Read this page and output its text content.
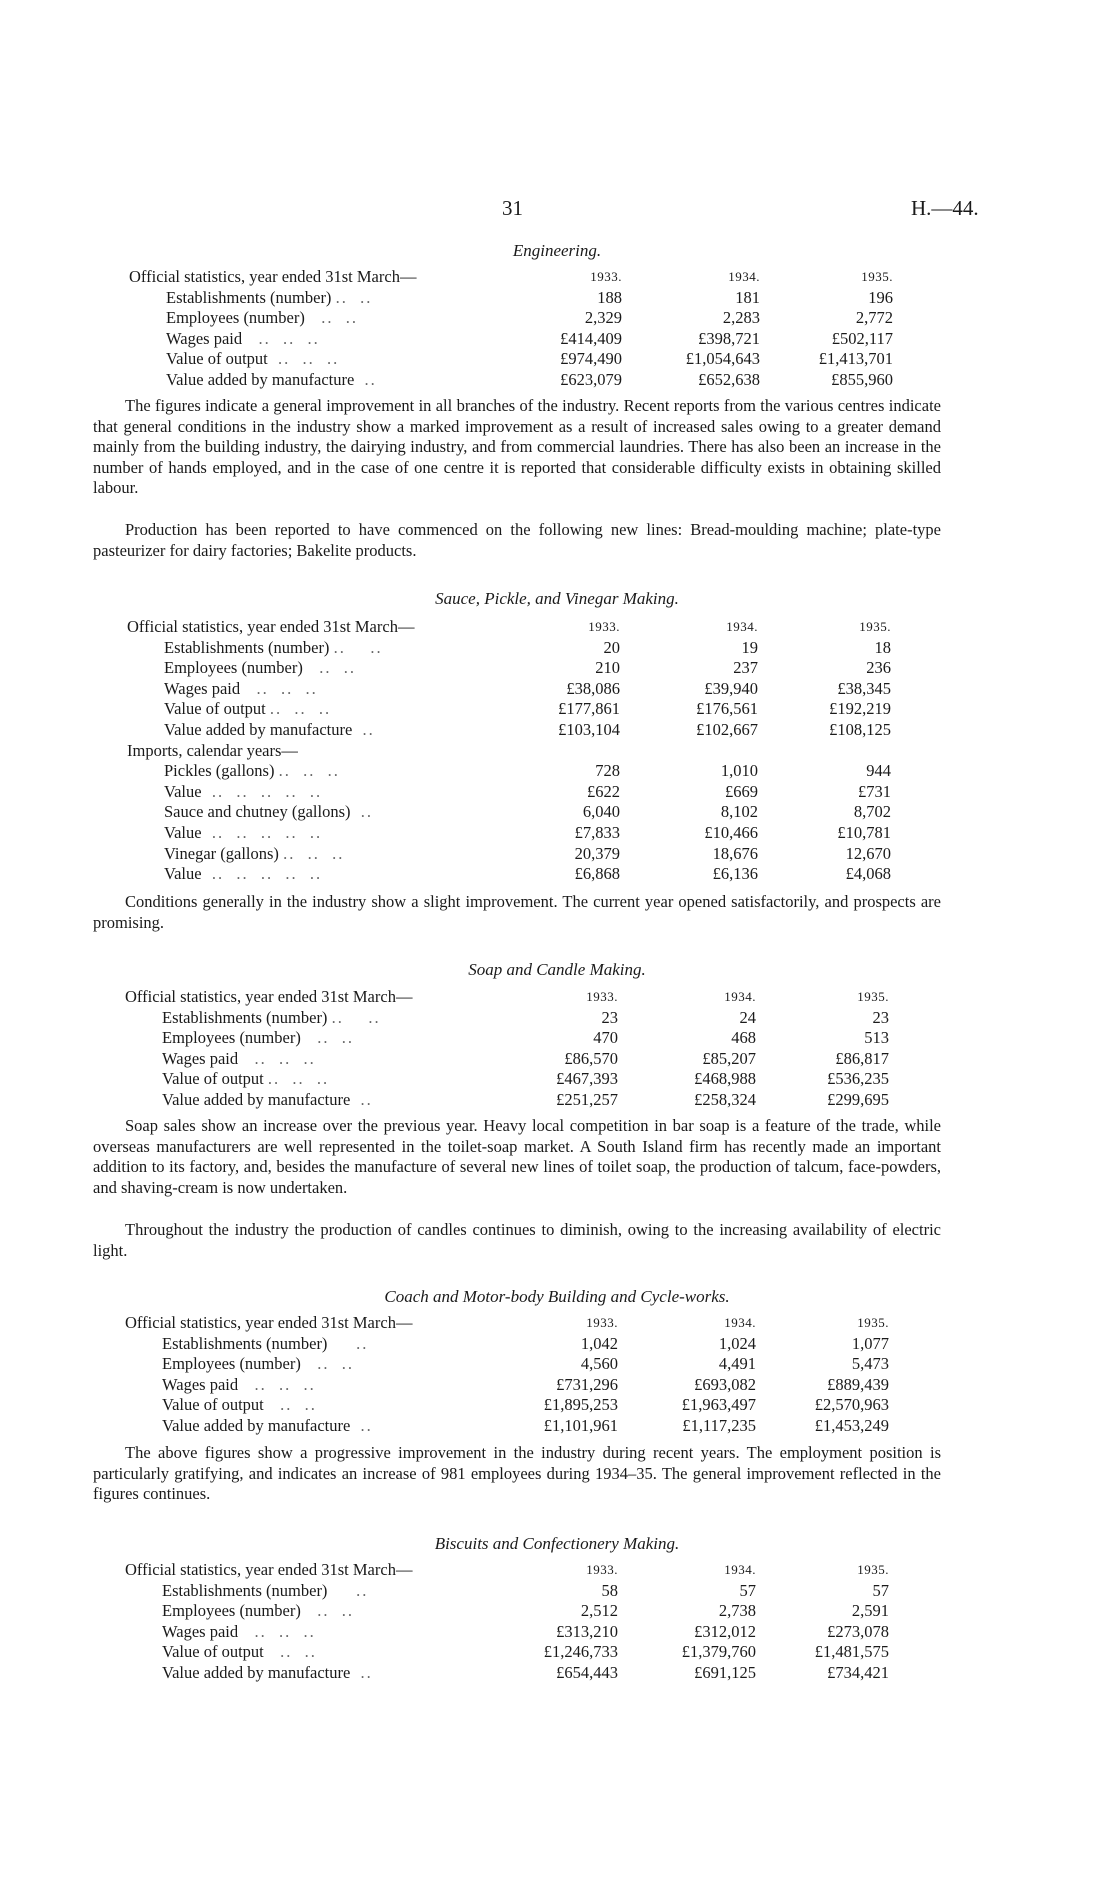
31	H.—44.
Engineering.
Official statistics, year ended 31st March—	1933.	1934.	1935.
Establishments (number) ..  ..	188	181	196
Employees (number)   ..  ..	2,329	2,283	2,772
Wages paid   ..  ..  ..	£414,409	£398,721	£502,117
Value of output  ..  ..  ..	£974,490	£1,054,643	£1,413,701
Value added by manufacture  ..	£623,079	£652,638	£855,960

The figures indicate a general improvement in all branches of the industry. Recent reports from the various centres indicate that general conditions in the industry show a marked improvement as a result of increased sales owing to a greater demand mainly from the building industry, the dairying industry, and from commercial laundries. There has also been an increase in the number of hands employed, and in the case of one centre it is reported that considerable difficulty exists in obtaining skilled labour.

Production has been reported to have commenced on the following new lines: Bread-moulding machine; plate-type pasteurizer for dairy factories; Bakelite products.

Sauce, Pickle, and Vinegar Making.
Official statistics, year ended 31st March—	1933.	1934.	1935.
Establishments (number) ..    ..	20	19	18
Employees (number)   ..  ..	210	237	236
Wages paid   ..  ..  ..	£38,086	£39,940	£38,345
Value of output ..  ..  ..	£177,861	£176,561	£192,219
Value added by manufacture  ..	£103,104	£102,667	£108,125
Imports, calendar years—			
Pickles (gallons) ..  ..  ..	728	1,010	944
Value  ..  ..  ..  ..  ..	£622	£669	£731
Sauce and chutney (gallons)  ..	6,040	8,102	8,702
Value  ..  ..  ..  ..  ..	£7,833	£10,466	£10,781
Vinegar (gallons) ..  ..  ..	20,379	18,676	12,670
Value  ..  ..  ..  ..  ..	£6,868	£6,136	£4,068

Conditions generally in the industry show a slight improvement. The current year opened satisfactorily, and prospects are promising.

Soap and Candle Making.
Official statistics, year ended 31st March—	1933.	1934.	1935.
Establishments (number) ..    ..	23	24	23
Employees (number)   ..  ..	470	468	513
Wages paid   ..  ..  ..	£86,570	£85,207	£86,817
Value of output ..  ..  ..	£467,393	£468,988	£536,235
Value added by manufacture  ..	£251,257	£258,324	£299,695

Soap sales show an increase over the previous year. Heavy local competition in bar soap is a feature of the trade, while overseas manufacturers are well represented in the toilet-soap market. A South Island firm has recently made an important addition to its factory, and, besides the manufacture of several new lines of toilet soap, the production of talcum, face-powders, and shaving-cream is now undertaken.

Throughout the industry the production of candles continues to diminish, owing to the increasing availability of electric light.

Coach and Motor-body Building and Cycle-works.
Official statistics, year ended 31st March—	1933.	1934.	1935.
Establishments (number)     ..	1,042	1,024	1,077
Employees (number)   ..  ..	4,560	4,491	5,473
Wages paid   ..  ..  ..	£731,296	£693,082	£889,439
Value of output   ..  ..	£1,895,253	£1,963,497	£2,570,963
Value added by manufacture  ..	£1,101,961	£1,117,235	£1,453,249

The above figures show a progressive improvement in the industry during recent years. The employment position is particularly gratifying, and indicates an increase of 981 employees during 1934–35. The general improvement reflected in the figures continues.

Biscuits and Confectionery Making.
Official statistics, year ended 31st March—	1933.	1934.	1935.
Establishments (number)     ..	58	57	57
Employees (number)   ..  ..	2,512	2,738	2,591
Wages paid   ..  ..  ..	£313,210	£312,012	£273,078
Value of output   ..  ..	£1,246,733	£1,379,760	£1,481,575
Value added by manufacture  ..	£654,443	£691,125	£734,421
